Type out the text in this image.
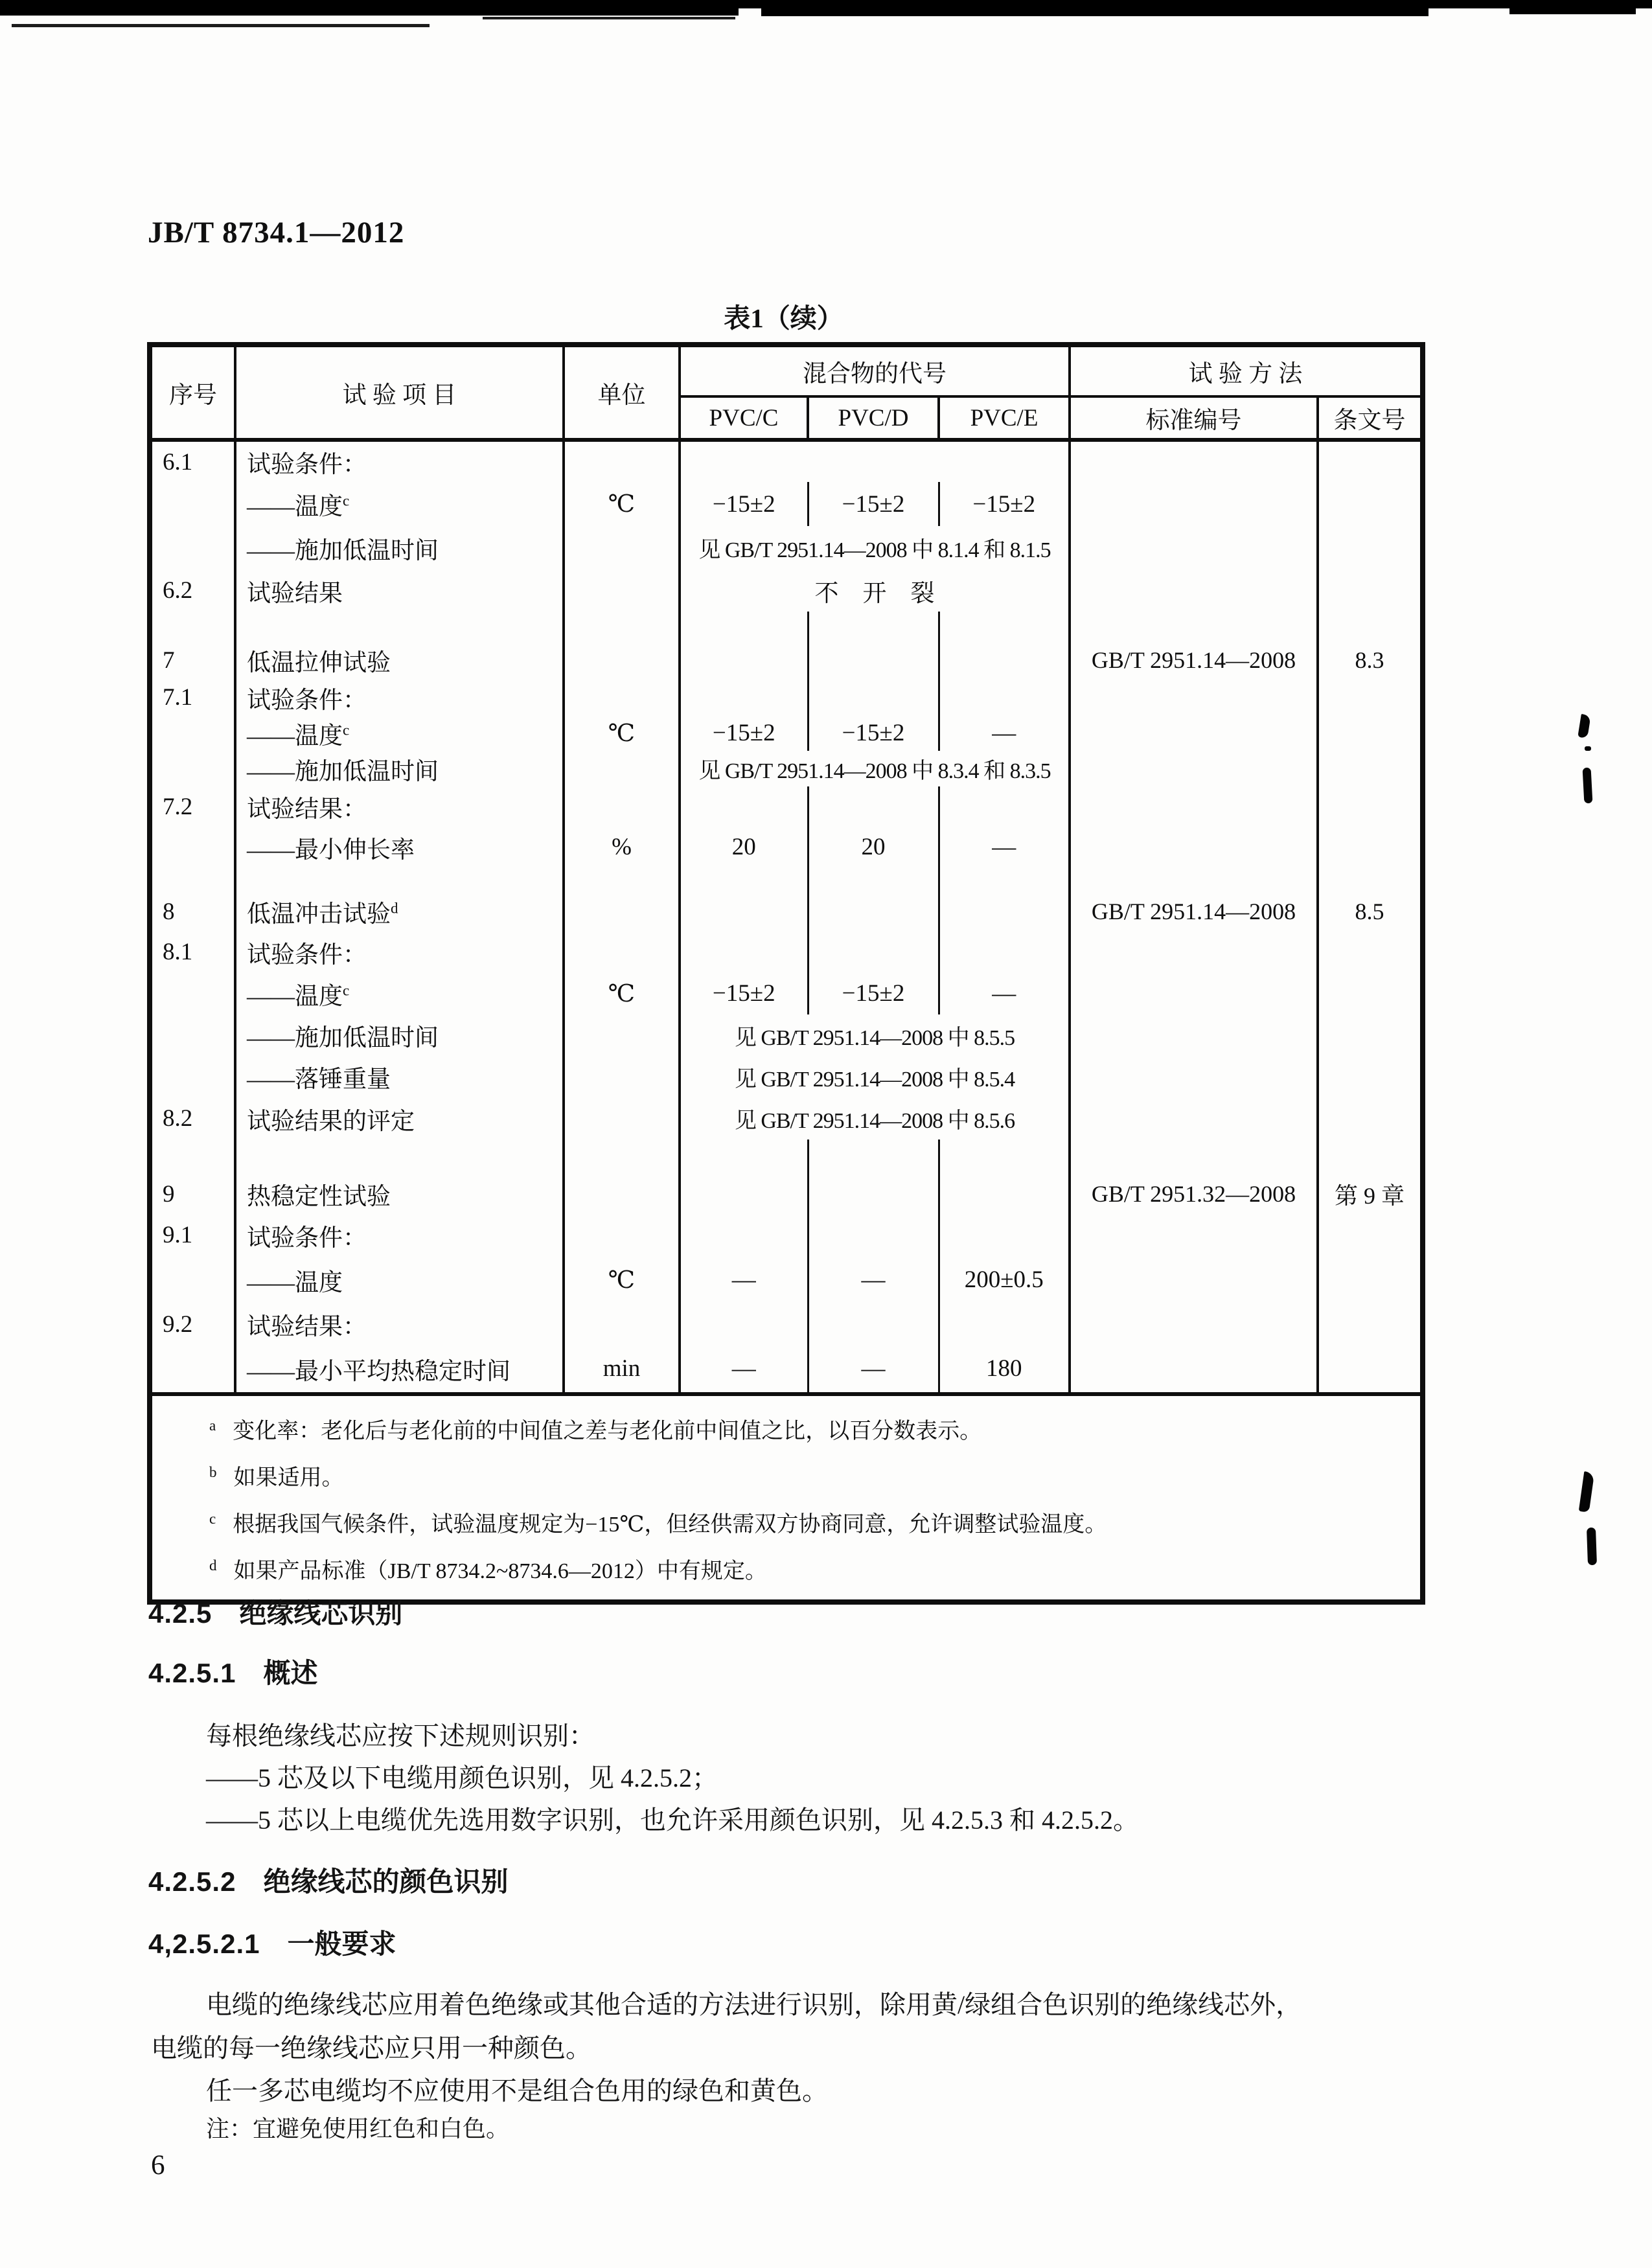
JB/T 8734.1—2012
表1（续）
序号	试 验 项 目	单位	混合物的代号			试 验 方 法	
			PVC/C	PVC/D	PVC/E	标准编号	条文号
6.1	试验条件：						
	——温度$^c$	℃	−15±2	−15±2	−15±2		
	——施加低温时间		见 GB/T 2951.14—2008 中 8.1.4 和 8.1.5				
6.2	试验结果		不　开　裂				

7	低温拉伸试验					GB/T 2951.14—2008	8.3
7.1	试验条件：						
	——温度$^c$	℃	−15±2	−15±2	—		
	——施加低温时间		见 GB/T 2951.14—2008 中 8.3.4 和 8.3.5				
7.2	试验结果：						
	——最小伸长率	%	20	20	—		

8	低温冲击试验$^d$					GB/T 2951.14—2008	8.5
8.1	试验条件：						
	——温度$^c$	℃	−15±2	−15±2	—		
	——施加低温时间		见 GB/T 2951.14—2008 中 8.5.5				
	——落锤重量		见 GB/T 2951.14—2008 中 8.5.4				
8.2	试验结果的评定		见 GB/T 2951.14—2008 中 8.5.6				

9	热稳定性试验					GB/T 2951.32—2008	第 9 章
9.1	试验条件：						
	——温度	℃	—	—	200±0.5		
9.2	试验结果：						
	——最小平均热稳定时间	min	—	—	180		

$^a$ 变化率：老化后与老化前的中间值之差与老化前中间值之比，以百分数表示。
$^b$ 如果适用。
$^c$ 根据我国气候条件，试验温度规定为−15℃，但经供需双方协商同意，允许调整试验温度。
$^d$ 如果产品标准（JB/T 8734.2~8734.6—2012）中有规定。							
4.2.5 绝缘线芯识别
4.2.5.1 概述
每根绝缘线芯应按下述规则识别：
——5 芯及以下电缆用颜色识别，见 4.2.5.2；
——5 芯以上电缆优先选用数字识别，也允许采用颜色识别，见 4.2.5.3 和 4.2.5.2。
4.2.5.2 绝缘线芯的颜色识别
4,2.5.2.1 一般要求
电缆的绝缘线芯应用着色绝缘或其他合适的方法进行识别，除用黄/绿组合色识别的绝缘线芯外，
电缆的每一绝缘线芯应只用一种颜色。
任一多芯电缆均不应使用不是组合色用的绿色和黄色。
注：宜避免使用红色和白色。
6
